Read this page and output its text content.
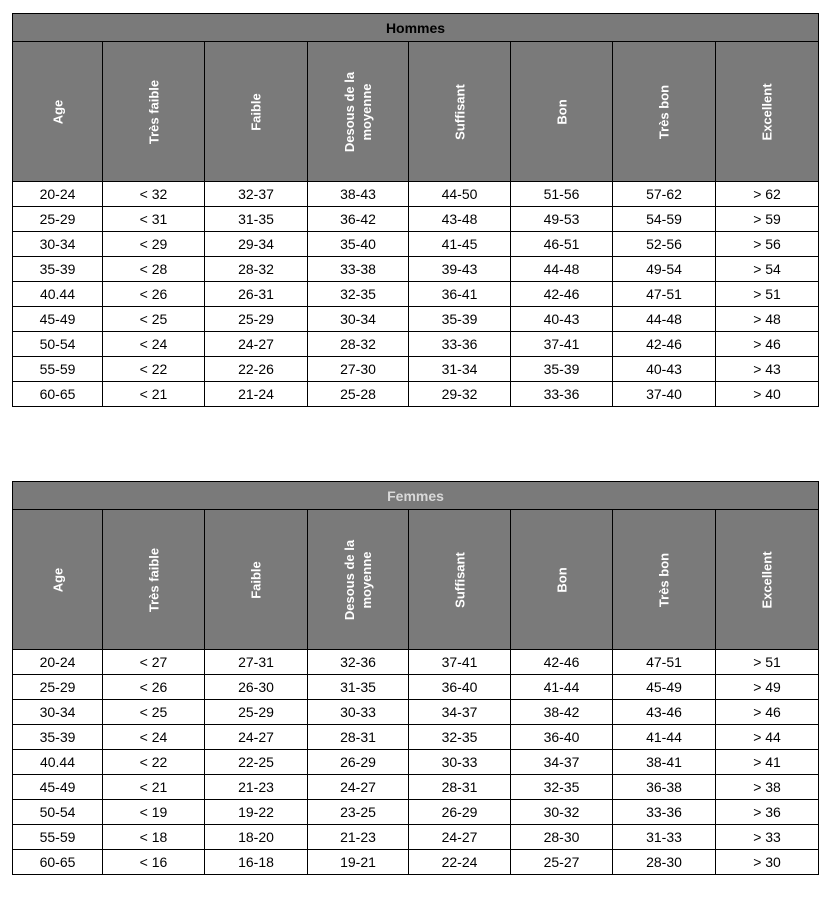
Hommes							

Age	Très faible	Faible	Desous de la moyenne	Suffisant	Bon	Très bon	Excellent

20-24	< 32	32-37	38-43	44-50	51-56	57-62	> 62
25-29	< 31	31-35	36-42	43-48	49-53	54-59	> 59
30-34	< 29	29-34	35-40	41-45	46-51	52-56	> 56
35-39	< 28	28-32	33-38	39-43	44-48	49-54	> 54
40.44	< 26	26-31	32-35	36-41	42-46	47-51	> 51
45-49	< 25	25-29	30-34	35-39	40-43	44-48	> 48
50-54	< 24	24-27	28-32	33-36	37-41	42-46	> 46
55-59	< 22	22-26	27-30	31-34	35-39	40-43	> 43
60-65	< 21	21-24	25-28	29-32	33-36	37-40	> 40
Femmes							

Age	Très faible	Faible	Desous de la moyenne	Suffisant	Bon	Très bon	Excellent

20-24	< 27	27-31	32-36	37-41	42-46	47-51	> 51
25-29	< 26	26-30	31-35	36-40	41-44	45-49	> 49
30-34	< 25	25-29	30-33	34-37	38-42	43-46	> 46
35-39	< 24	24-27	28-31	32-35	36-40	41-44	> 44
40.44	< 22	22-25	26-29	30-33	34-37	38-41	> 41
45-49	< 21	21-23	24-27	28-31	32-35	36-38	> 38
50-54	< 19	19-22	23-25	26-29	30-32	33-36	> 36
55-59	< 18	18-20	21-23	24-27	28-30	31-33	> 33
60-65	< 16	16-18	19-21	22-24	25-27	28-30	> 30
